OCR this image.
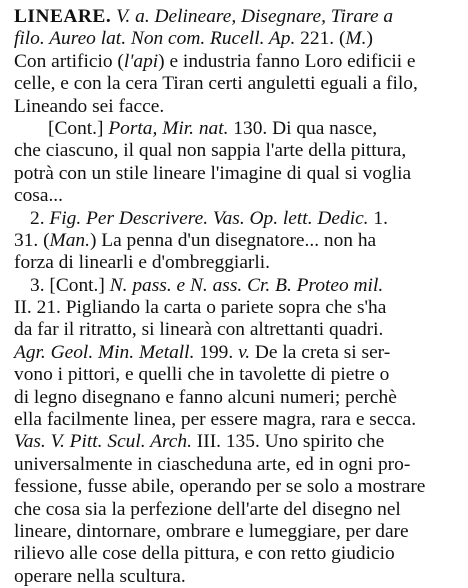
LINEARE. V. a. Delineare, Disegnare, Tirare a
filo. Aureo lat. Non com. Rucell. Ap. 221. (M.)
Con artificio (l'api) e industria fanno Loro edificii e
celle, e con la cera Tiran certi anguletti eguali a filo,
Lineando sei facce.
[Cont.] Porta, Mir. nat. 130. Di qua nasce,
che ciascuno, il qual non sappia l'arte della pittura,
potrà con un stile lineare l'imagine di qual si voglia
cosa...
2. Fig. Per Descrivere. Vas. Op. lett. Dedic. 1.
31. (Man.) La penna d'un disegnatore... non ha
forza di linearli e d'ombreggiarli.
3. [Cont.] N. pass. e N. ass. Cr. B. Proteo mil.
II. 21. Pigliando la carta o pariete sopra che s'ha
da far il ritratto, si linearà con altrettanti quadri.
Agr. Geol. Min. Metall. 199. v. De la creta si ser-
vono i pittori, e quelli che in tavolette di pietre o
di legno disegnano e fanno alcuni numeri; perchè
ella facilmente linea, per essere magra, rara e secca.
Vas. V. Pitt. Scul. Arch. III. 135. Uno spirito che
universalmente in ciascheduna arte, ed in ogni pro-
fessione, fusse abile, operando per se solo a mostrare
che cosa sia la perfezione dell'arte del disegno nel
lineare, dintornare, ombrare e lumeggiare, per dare
rilievo alle cose della pittura, e con retto giudicio
operare nella scultura.
